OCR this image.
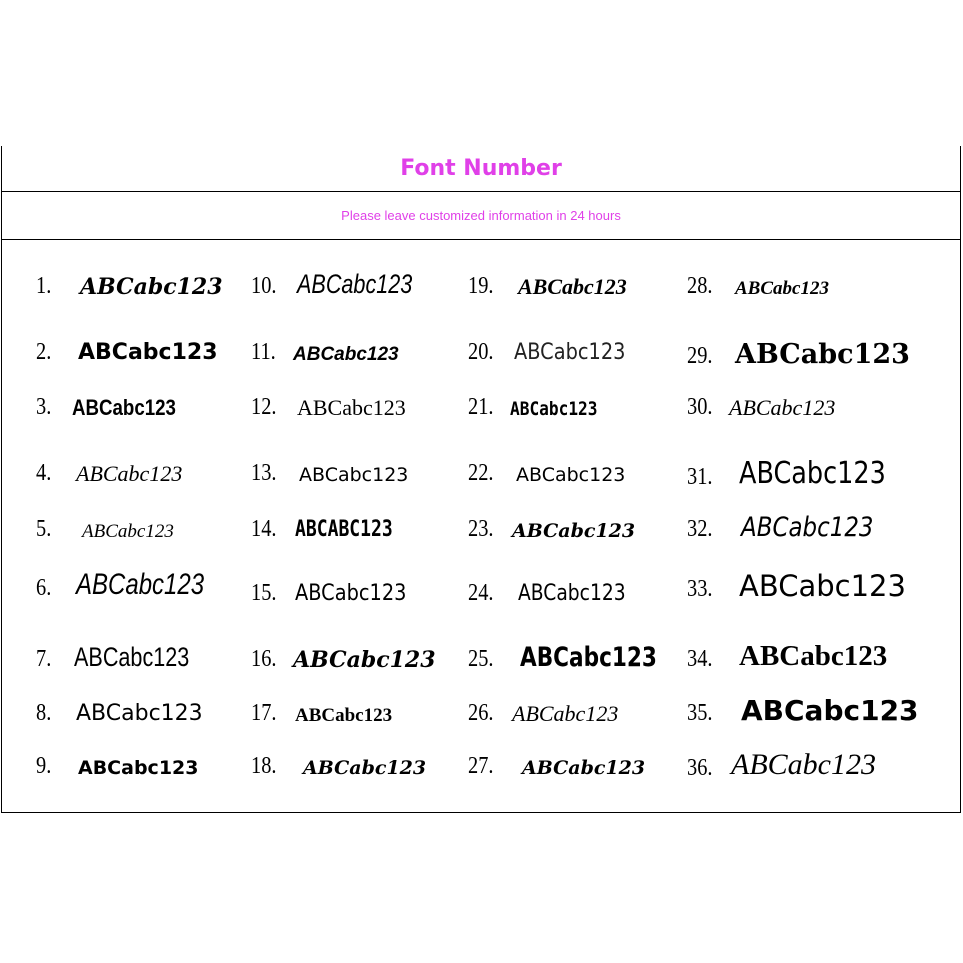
Font Number
Please leave customized information in 24 hours
1. ABCabc123
2. ABCabc123
3. ABCabc123
4. ABCabc123
5. ABCabc123
6. ABCabc123
7. ABCabc123
8. ABCabc123
9. ABCabc123
10. ABCabc123
11. ABCabc123
12. ABCabc123
13. ABCabc123
14. ABCABC123
15. ABCabc123
16. ABCabc123
17. ABCabc123
18. ABCabc123
19. ABCabc123
20. ABCabc123
21. ABCabc123
22. ABCabc123
23. ABCabc123
24. ABCabc123
25. ABCabc123
26. ABCabc123
27. ABCabc123
28. ABCabc123
29. ABCabc123
30. ABCabc123
31. ABCabc123
32. ABCabc123
33. ABCabc123
34. ABCabc123
35. ABCabc123
36. ABCabc123
